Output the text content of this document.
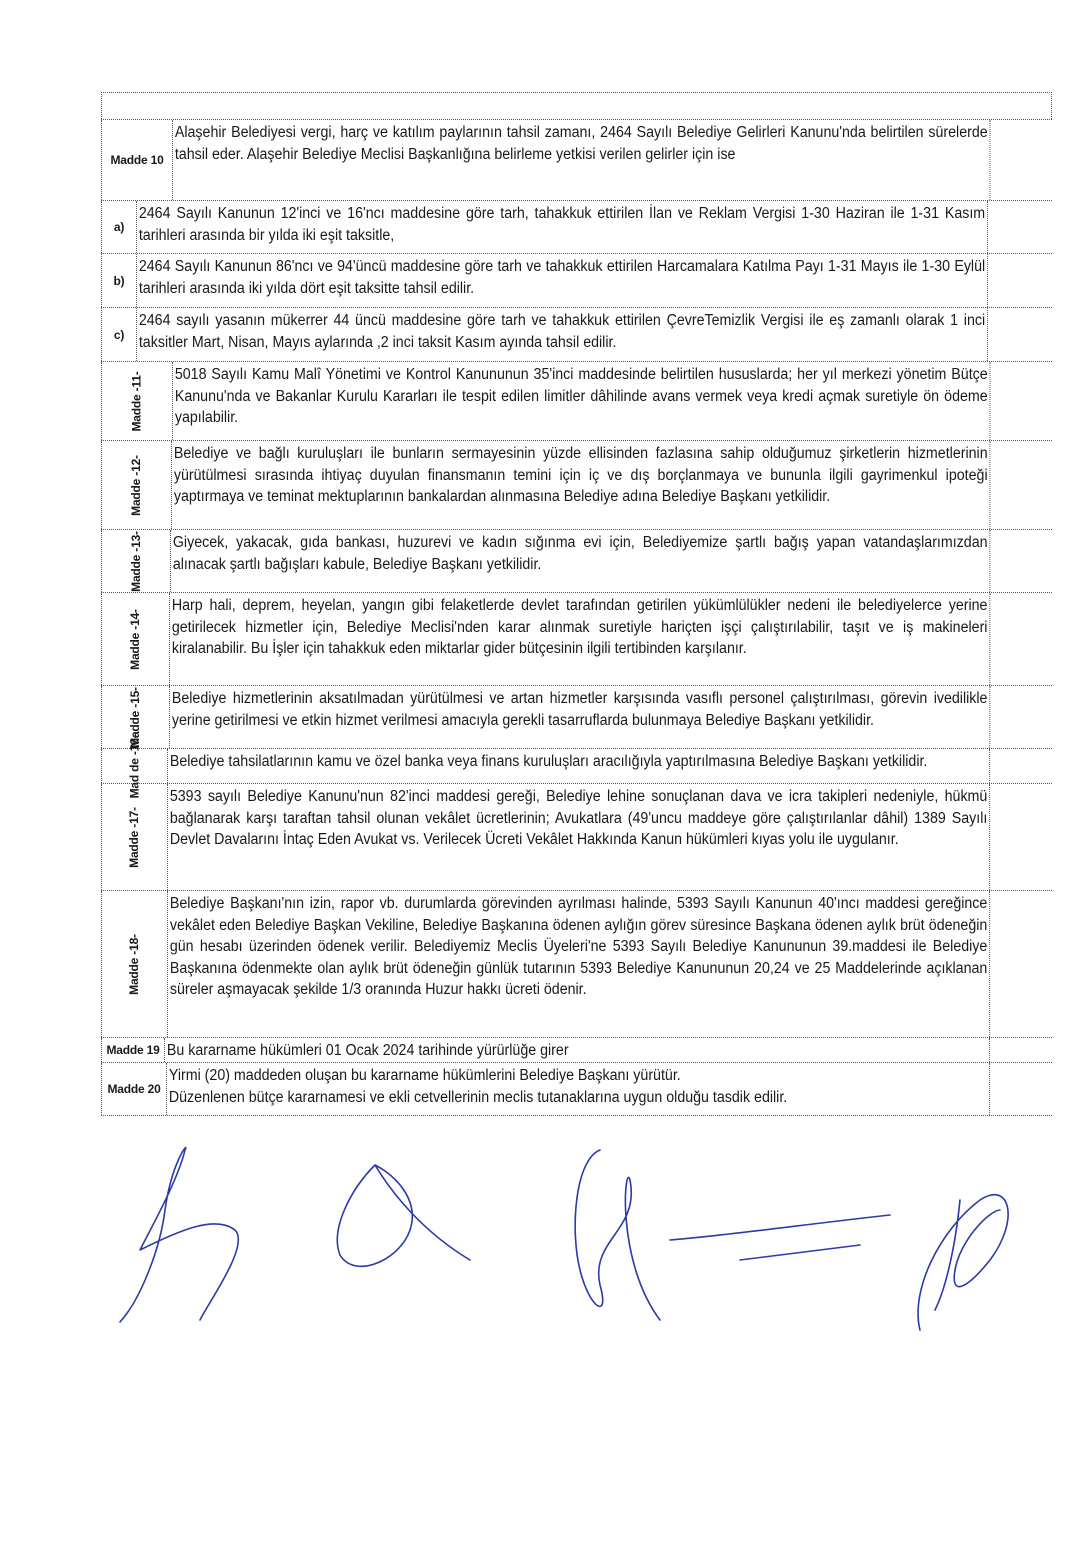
Madde 10

Alaşehir Belediyesi vergi, harç ve katılım paylarının tahsil zamanı, 2464 Sayılı Belediye Gelirleri Kanunu'nda belirtilen sürelerde tahsil eder. Alaşehir Belediye Meclisi Başkanlığına belirleme yetkisi verilen gelirler için ise

a)

2464 Sayılı Kanunun 12'inci ve 16'ncı maddesine göre tarh, tahakkuk ettirilen İlan ve Reklam Vergisi 1-30 Haziran ile 1-31 Kasım tarihleri arasında bir yılda iki eşit taksitle,

b)

2464 Sayılı Kanunun 86'ncı ve 94'üncü maddesine göre tarh ve tahakkuk ettirilen Harcamalara Katılma Payı 1-31 Mayıs ile 1-30 Eylül tarihleri arasında iki yılda dört eşit taksitte tahsil edilir.

c)

2464 sayılı yasanın mükerrer 44 üncü maddesine göre tarh ve tahakkuk ettirilen ÇevreTemizlik Vergisi ile eş zamanlı olarak 1 inci taksitler Mart, Nisan, Mayıs aylarında ,2 inci taksit Kasım ayında tahsil edilir.

Madde -11- 5018 Sayılı Kamu Malî Yönetimi ve Kontrol Kanununun 35'inci maddesinde belirtilen hususlarda; her yıl merkezi yönetim Bütçe Kanunu'nda ve Bakanlar Kurulu Kararları ile tespit edilen limitler dâhilinde avans vermek veya kredi açmak suretiyle ön ödeme yapılabilir.

Madde -12-

Belediye ve bağlı kuruluşları ile bunların sermayesinin yüzde ellisinden fazlasına sahip olduğumuz şirketlerin hizmetlerinin yürütülmesi sırasında ihtiyaç duyulan finansmanın temini için iç ve dış borçlanmaya ve bununla ilgili gayrimenkul ipoteği yaptırmaya ve teminat mektuplarının bankalardan alınmasına Belediye adına Belediye Başkanı yetkilidir.

Madde -13- Giyecek, yakacak, gıda bankası, huzurevi ve kadın sığınma evi için, Belediyemize şartlı bağış yapan vatandaşlarımızdan alınacak şartlı bağışları kabule, Belediye Başkanı yetkilidir.

Madde -14-

Harp hali, deprem, heyelan, yangın gibi felaketlerde devlet tarafından getirilen yükümlülükler nedeni ile belediyelerce yerine getirilecek hizmetler için, Belediye Meclisi'nden karar alınmak suretiyle hariçten işçi çalıştırılabilir, taşıt ve iş makineleri kiralanabilir. Bu İşler için tahakkuk eden miktarlar gider bütçesinin ilgili tertibinden karşılanır.

Madde -15- Belediye hizmetlerinin aksatılmadan yürütülmesi ve artan hizmetler karşısında vasıflı personel çalıştırılması, görevin ivedilikle yerine getirilmesi ve etkin hizmet verilmesi amacıyla gerekli tasarruflarda bulunmaya Belediye Başkanı yetkilidir.

Mad de -16- Belediye tahsilatlarının kamu ve özel banka veya finans kuruluşları aracılığıyla yaptırılmasına Belediye Başkanı yetkilidir.

Madde -17-

5393 sayılı Belediye Kanunu'nun 82'inci maddesi gereği, Belediye lehine sonuçlanan dava ve icra takipleri nedeniyle, hükmü bağlanarak karşı taraftan tahsil olunan vekâlet ücretlerinin; Avukatlara (49'uncu maddeye göre çalıştırılanlar dâhil) 1389 Sayılı Devlet Davalarını İntaç Eden Avukat vs. Verilecek Ücreti Vekâlet Hakkında Kanun hükümleri kıyas yolu ile uygulanır.

Madde -18-

Belediye Başkanı'nın izin, rapor vb. durumlarda görevinden ayrılması halinde, 5393 Sayılı Kanunun 40'ıncı maddesi gereğince vekâlet eden Belediye Başkan Vekiline, Belediye Başkanına ödenen aylığın görev süresince Başkana ödenen aylık brüt ödeneğin gün hesabı üzerinden ödenek verilir. Belediyemiz Meclis Üyeleri'ne 5393 Sayılı Belediye Kanununun 39.maddesi ile Belediye Başkanına ödenmekte olan aylık brüt ödeneğin günlük tutarının 5393 Belediye Kanununun 20,24 ve 25 Maddelerinde açıklanan süreler aşmayacak şekilde 1/3 oranında Huzur hakkı ücreti ödenir.

Madde 19 Bu kararname hükümleri 01 Ocak 2024 tarihinde yürürlüğe girer

Madde 20

Yirmi (20) maddeden oluşan bu kararname hükümlerini Belediye Başkanı yürütür.

Düzenlenen bütçe kararnamesi ve ekli cetvellerinin meclis tutanaklarına uygun olduğu tasdik edilir.
